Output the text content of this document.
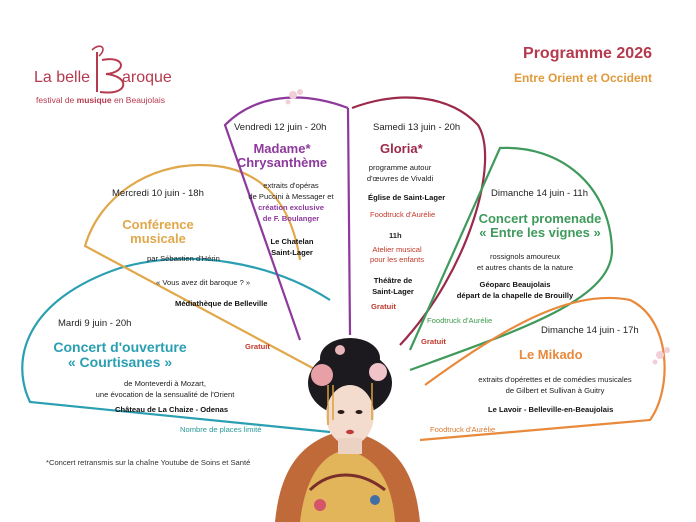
La belle aroque
festival de musique en Beaujolais
Programme 2026
Entre Orient et Occident
Mardi 9 juin - 20h
Concert d'ouverture
« Courtisanes »
de Monteverdi à Mozart,
une évocation de la sensualité de l'Orient
Château de La Chaize - Odenas
Nombre de places limité
Mercredi 10 juin - 18h
Conférence
musicale
par Sébastien d'Hérin
« Vous avez dit baroque ? »
Médiathèque de Belleville
Gratuit
Vendredi 12 juin - 20h
Madame*
Chrysanthème
extraits d'opéras
de Puccini à Messager et
création exclusive
de F. Boulanger
Le Chatelan
Saint-Lager
Samedi 13 juin - 20h
Gloria*
programme autour
d'œuvres de Vivaldi
Église de Saint-Lager
Foodtruck d'Aurélie
11h
Atelier musical
pour les enfants
Théâtre de
Saint-Lager
Gratuit
Dimanche 14 juin - 11h
Concert promenade
« Entre les vignes »
rossignols amoureux
et autres chants de la nature
Géoparc Beaujolais
départ de la chapelle de Brouilly
Foodtruck d'Aurélie
Gratuit
Dimanche 14 juin - 17h
Le Mikado
extraits d'opérettes et de comédies musicales
de Gilbert et Sullivan à Guitry
Le Lavoir - Belleville-en-Beaujolais
Foodtruck d'Aurélie
*Concert retransmis sur la chaîne Youtube de Soins et Santé
